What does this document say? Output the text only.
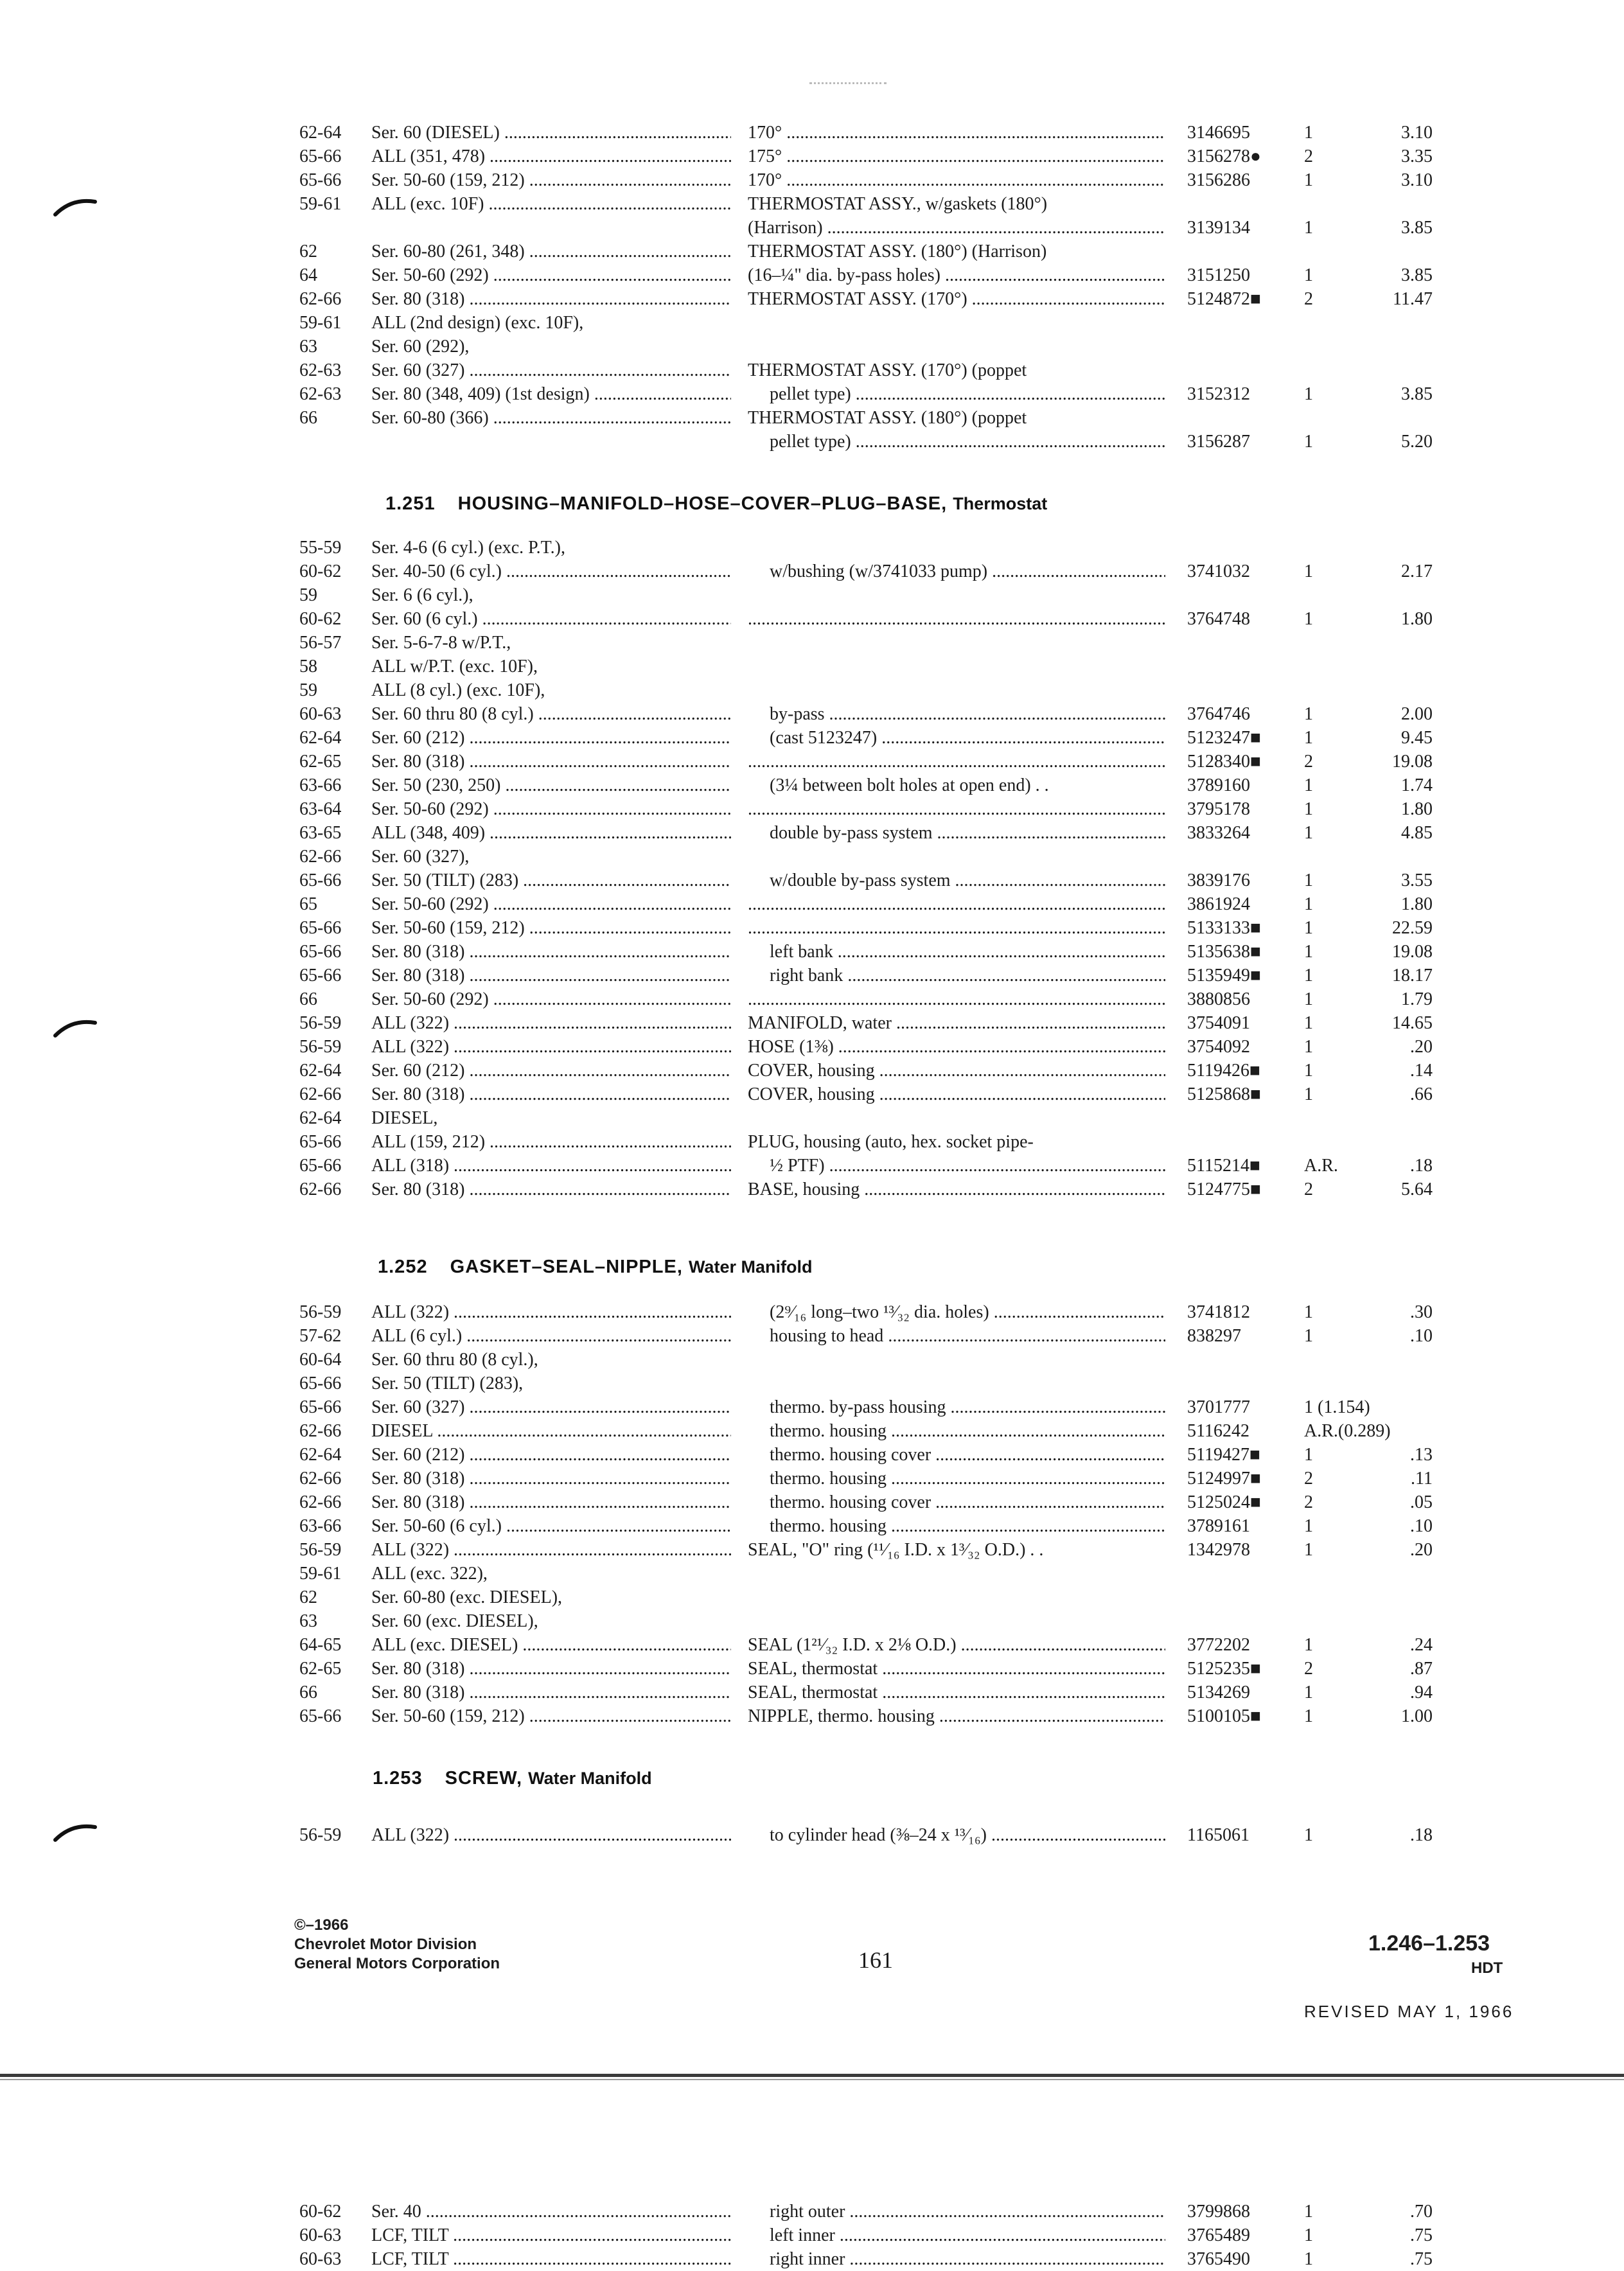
62-64	Ser. 60 (DIESEL) .....	170° .....	3146695	1	3.10
65-66	ALL (351, 478) .....	175° .....	3156278●	2	3.35
65-66	Ser. 50-60 (159, 212) .....	170° .....	3156286	1	3.10
59-61	ALL (exc. 10F) .....	THERMOSTAT ASSY., w/gaskets (180°)
(Harrison) .....	3139134	1	3.85
62	Ser. 60-80 (261, 348) .....	THERMOSTAT ASSY. (180°) (Harrison)
64	Ser. 50-60 (292) .....	(16–¼" dia. by-pass holes) .....	3151250	1	3.85
62-66	Ser. 80 (318) .....	THERMOSTAT ASSY. (170°) .....	5124872■	2	11.47
59-61	ALL (2nd design) (exc. 10F),
63	Ser. 60 (292),
62-63	Ser. 60 (327) .....	THERMOSTAT ASSY. (170°) (poppet
62-63	Ser. 80 (348, 409) (1st design) .....	pellet type) .....	3152312	1	3.85
66	Ser. 60-80 (366) .....	THERMOSTAT ASSY. (180°) (poppet
pellet type) .....	3156287	1	5.20
1.251 HOUSING–MANIFOLD–HOSE–COVER–PLUG–BASE, Thermostat
55-59	Ser. 4-6 (6 cyl.) (exc. P.T.),
60-62	Ser. 40-50 (6 cyl.) .....	w/bushing (w/3741033 pump) .....	3741032	1	2.17
59	Ser. 6 (6 cyl.),
60-62	Ser. 60 (6 cyl.) ..... .....	3764748	1	1.80
56-57	Ser. 5-6-7-8 w/P.T.,
58	ALL w/P.T. (exc. 10F),
59	ALL (8 cyl.) (exc. 10F),
60-63	Ser. 60 thru 80 (8 cyl.) .....	by-pass .....	3764746	1	2.00
62-64	Ser. 60 (212) .....	(cast 5123247) .....	5123247■	1	9.45
62-65	Ser. 80 (318) ..... .....	5128340■	2	19.08
63-66	Ser. 50 (230, 250) .....	(3¼ between bolt holes at open end) . .	3789160	1	1.74
63-64	Ser. 50-60 (292) ..... .....	3795178	1	1.80
63-65	ALL (348, 409) .....	double by-pass system .....	3833264	1	4.85
62-66	Ser. 60 (327),
65-66	Ser. 50 (TILT) (283) .....	w/double by-pass system .....	3839176	1	3.55
65	Ser. 50-60 (292) ..... .....	3861924	1	1.80
65-66	Ser. 50-60 (159, 212) ..... .....	5133133■	1	22.59
65-66	Ser. 80 (318) .....	left bank .....	5135638■	1	19.08
65-66	Ser. 80 (318) .....	right bank .....	5135949■	1	18.17
66	Ser. 50-60 (292) ..... .....	3880856	1	1.79
56-59	ALL (322) .....	MANIFOLD, water .....	3754091	1	14.65
56-59	ALL (322) .....	HOSE (1⅜) .....	3754092	1	.20
62-64	Ser. 60 (212) .....	COVER, housing .....	5119426■	1	.14
62-66	Ser. 80 (318) .....	COVER, housing .....	5125868■	1	.66
62-64	DIESEL,
65-66	ALL (159, 212) .....	PLUG, housing (auto, hex. socket pipe-
65-66	ALL (318) .....	½ PTF) .....	5115214■	A.R.	.18
62-66	Ser. 80 (318) .....	BASE, housing .....	5124775■	2	5.64
1.252 GASKET–SEAL–NIPPLE, Water Manifold
56-59	ALL (322) .....	(2⁹⁄₁₆ long–two ¹³⁄₃₂ dia. holes) .....	3741812	1	.30
57-62	ALL (6 cyl.) .....	housing to head .....	838297	1	.10
60-64	Ser. 60 thru 80 (8 cyl.),
65-66	Ser. 50 (TILT) (283),
65-66	Ser. 60 (327) .....	thermo. by-pass housing .....	3701777	1 (1.154)
62-66	DIESEL .....	thermo. housing .....	5116242	A.R.(0.289)
62-64	Ser. 60 (212) .....	thermo. housing cover .....	5119427■	1	.13
62-66	Ser. 80 (318) .....	thermo. housing .....	5124997■	2	.11
62-66	Ser. 80 (318) .....	thermo. housing cover .....	5125024■	2	.05
63-66	Ser. 50-60 (6 cyl.) .....	thermo. housing .....	3789161	1	.10
56-59	ALL (322) .....	SEAL, "O" ring (¹¹⁄₁₆ I.D. x 1³⁄₃₂ O.D.) . .	1342978	1	.20
59-61	ALL (exc. 322),
62	Ser. 60-80 (exc. DIESEL),
63	Ser. 60 (exc. DIESEL),
64-65	ALL (exc. DIESEL) .....	SEAL (1²¹⁄₃₂ I.D. x 2⅛ O.D.) .....	3772202	1	.24
62-65	Ser. 80 (318) .....	SEAL, thermostat .....	5125235■	2	.87
66	Ser. 80 (318) .....	SEAL, thermostat .....	5134269	1	.94
65-66	Ser. 50-60 (159, 212) .....	NIPPLE, thermo. housing .....	5100105■	1	1.00
1.253 SCREW, Water Manifold
56-59	ALL (322) .....	to cylinder head (⅜–24 x ¹³⁄₁₆) .....	1165061	1	.18
©–1966
Chevrolet Motor Division
General Motors Corporation	161
1.246–1.253
HDT
REVISED MAY 1, 1966
60-62	Ser. 40 .....	right outer .....	3799868	1	.70
60-63	LCF, TILT .....	left inner .....	3765489	1	.75
60-63	LCF, TILT .....	right inner .....	3765490	1	.75
